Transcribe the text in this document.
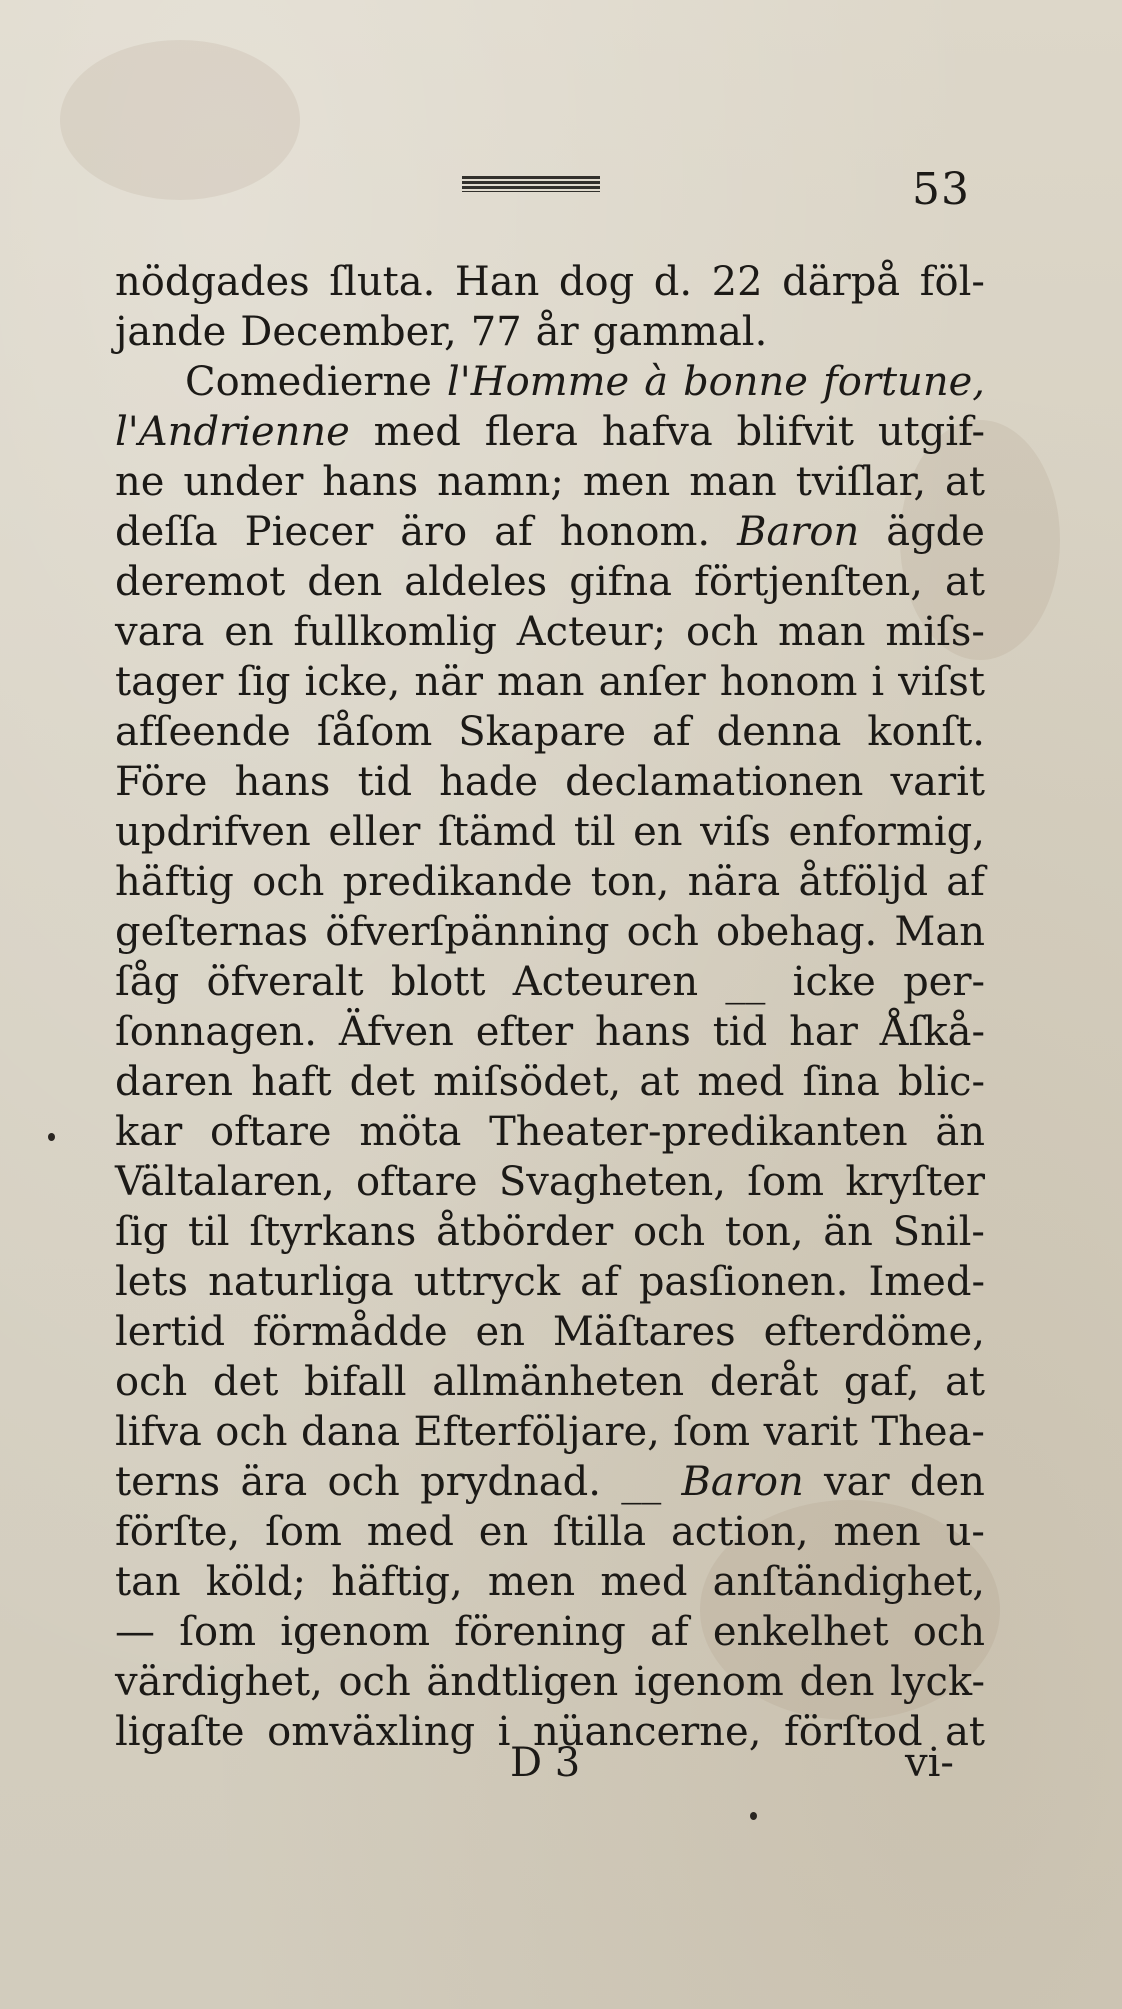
53
nödgades ſluta. Han dog d. 22 därpå föl-
jande December, 77 år gammal.
Comedierne l'Homme à bonne fortune,
l'Andrienne med flera hafva blifvit utgif-
ne under hans namn; men man tviſlar, at
deſſa Piecer äro af honom. Baron ägde
deremot den aldeles gifna förtjenſten, at
vara en fullkomlig Acteur; och man miſs-
tager ſig icke, när man anſer honom i viſst
afſeende ſåſom Skapare af denna konſt.
Före hans tid hade declamationen varit
updrifven eller ſtämd til en viſs enformig,
häftig och predikande ton, nära åtföljd af
geſternas öfverſpänning och obehag. Man
ſåg öfveralt blott Acteuren __ icke per-
ſonnagen. Äfven efter hans tid har Åſkå-
daren haft det miſsödet, at med ſina blic-
kar oftare möta Theater-predikanten än
Vältalaren, oftare Svagheten, ſom kryſter
ſig til ſtyrkans åtbörder och ton, än Snil-
lets naturliga uttryck af pasſionen. Imed-
lertid förmådde en Mäſtares efterdöme,
och det bifall allmänheten deråt gaf, at
lifva och dana Efterföljare, ſom varit Thea-
terns ära och prydnad. __ Baron var den
förſte, ſom med en ſtilla action, men u-
tan köld; häftig, men med anſtändighet,
— ſom igenom förening af enkelhet och
värdighet, och ändtligen igenom den lyck-
ligaſte omväxling i nüancerne, förſtod at
D 3	vi-
